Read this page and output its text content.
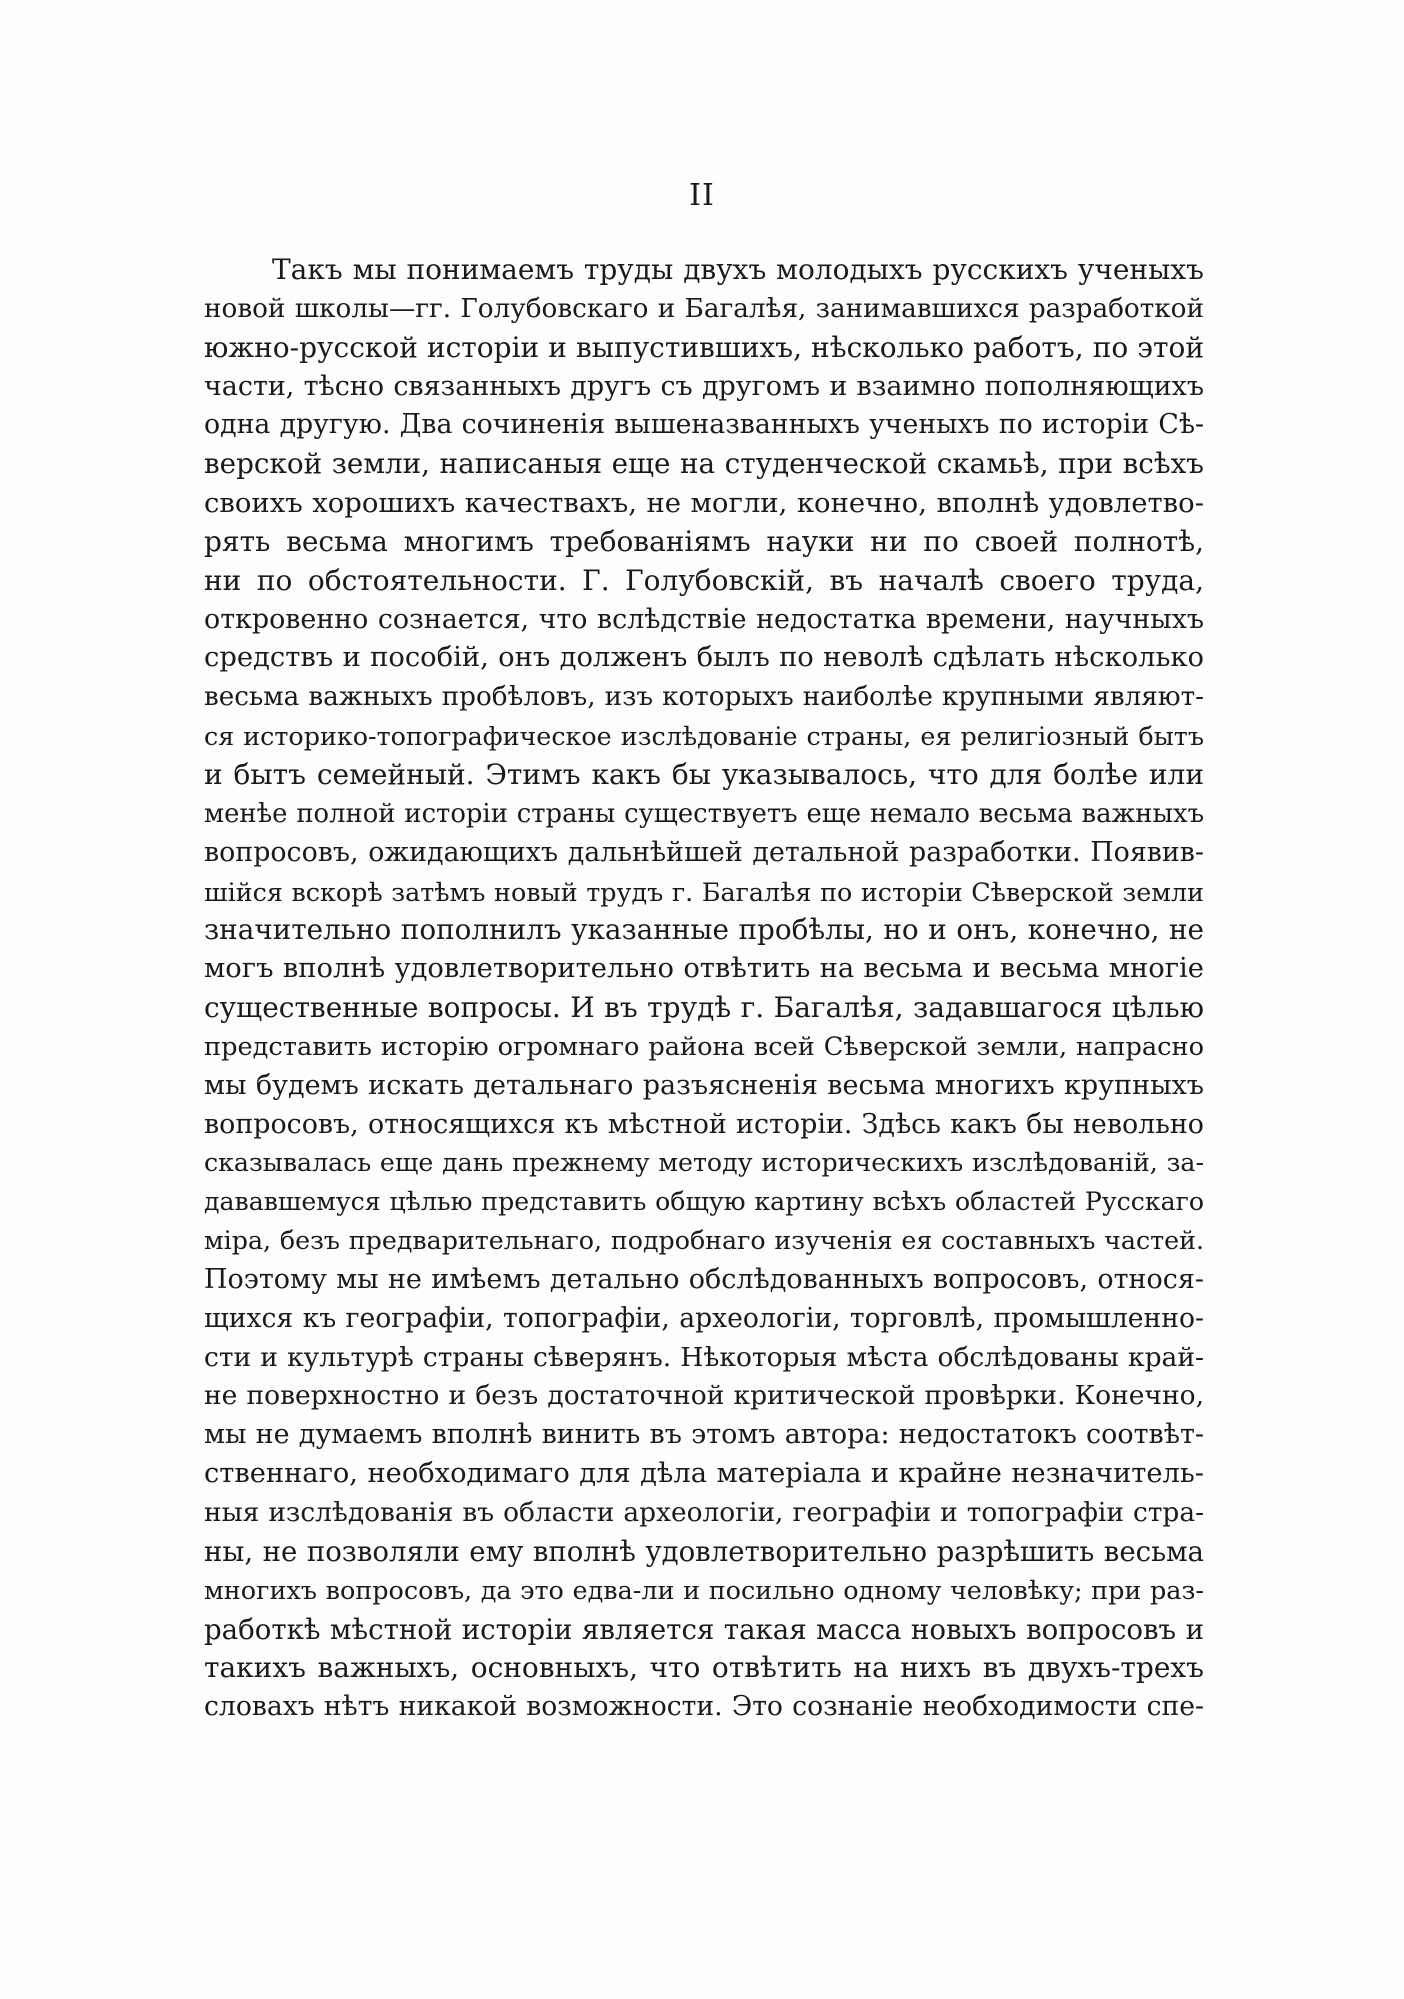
II
Такъ мы понимаемъ труды двухъ молодыхъ русскихъ ученыхъ
новой школы—гг. Голубовскаго и Багалѣя, занимавшихся разработкой
южно-русской исторіи и выпустившихъ, нѣсколько работъ, по этой
части, тѣсно связанныхъ другъ съ другомъ и взаимно пополняющихъ
одна другую. Два сочиненія вышеназванныхъ ученыхъ по исторіи Сѣ-
верской земли, написаныя еще на студенческой скамьѣ, при всѣхъ
своихъ хорошихъ качествахъ, не могли, конечно, вполнѣ удовлетво-
рять весьма многимъ требованіямъ науки ни по своей полнотѣ,
ни по обстоятельности. Г. Голубовскій, въ началѣ своего труда,
откровенно сознается, что вслѣдствіе недостатка времени, научныхъ
средствъ и пособій, онъ долженъ былъ по неволѣ сдѣлать нѣсколько
весьма важныхъ пробѣловъ, изъ которыхъ наиболѣе крупными являют-
ся историко-топографическое изслѣдованіе страны, ея религіозный бытъ
и бытъ семейный. Этимъ какъ бы указывалось, что для болѣе или
менѣе полной исторіи страны существуетъ еще немало весьма важныхъ
вопросовъ, ожидающихъ дальнѣйшей детальной разработки. Появив-
шійся вскорѣ затѣмъ новый трудъ г. Багалѣя по исторіи Сѣверской земли
значительно пополнилъ указанные пробѣлы, но и онъ, конечно, не
могъ вполнѣ удовлетворительно отвѣтить на весьма и весьма многіе
существенные вопросы. И въ трудѣ г. Багалѣя, задавшагося цѣлью
представить исторію огромнаго района всей Сѣверской земли, напрасно
мы будемъ искать детальнаго разъясненія весьма многихъ крупныхъ
вопросовъ, относящихся къ мѣстной исторіи. Здѣсь какъ бы невольно
сказывалась еще дань прежнему методу историческихъ изслѣдованій, за-
дававшемуся цѣлью представить общую картину всѣхъ областей Русскаго
міра, безъ предварительнаго, подробнаго изученія ея составныхъ частей.
Поэтому мы не имѣемъ детально обслѣдованныхъ вопросовъ, относя-
щихся къ географіи, топографіи, археологіи, торговлѣ, промышленно-
сти и культурѣ страны сѣверянъ. Нѣкоторыя мѣста обслѣдованы край-
не поверхностно и безъ достаточной критической провѣрки. Конечно,
мы не думаемъ вполнѣ винить въ этомъ автора: недостатокъ соотвѣт-
ственнаго, необходимаго для дѣла матеріала и крайне незначитель-
ныя изслѣдованія въ области археологіи, географіи и топографіи стра-
ны, не позволяли ему вполнѣ удовлетворительно разрѣшить весьма
многихъ вопросовъ, да это едва-ли и посильно одному человѣку; при раз-
работкѣ мѣстной исторіи является такая масса новыхъ вопросовъ и
такихъ важныхъ, основныхъ, что отвѣтить на нихъ въ двухъ-трехъ
словахъ нѣтъ никакой возможности. Это сознаніе необходимости спе-
